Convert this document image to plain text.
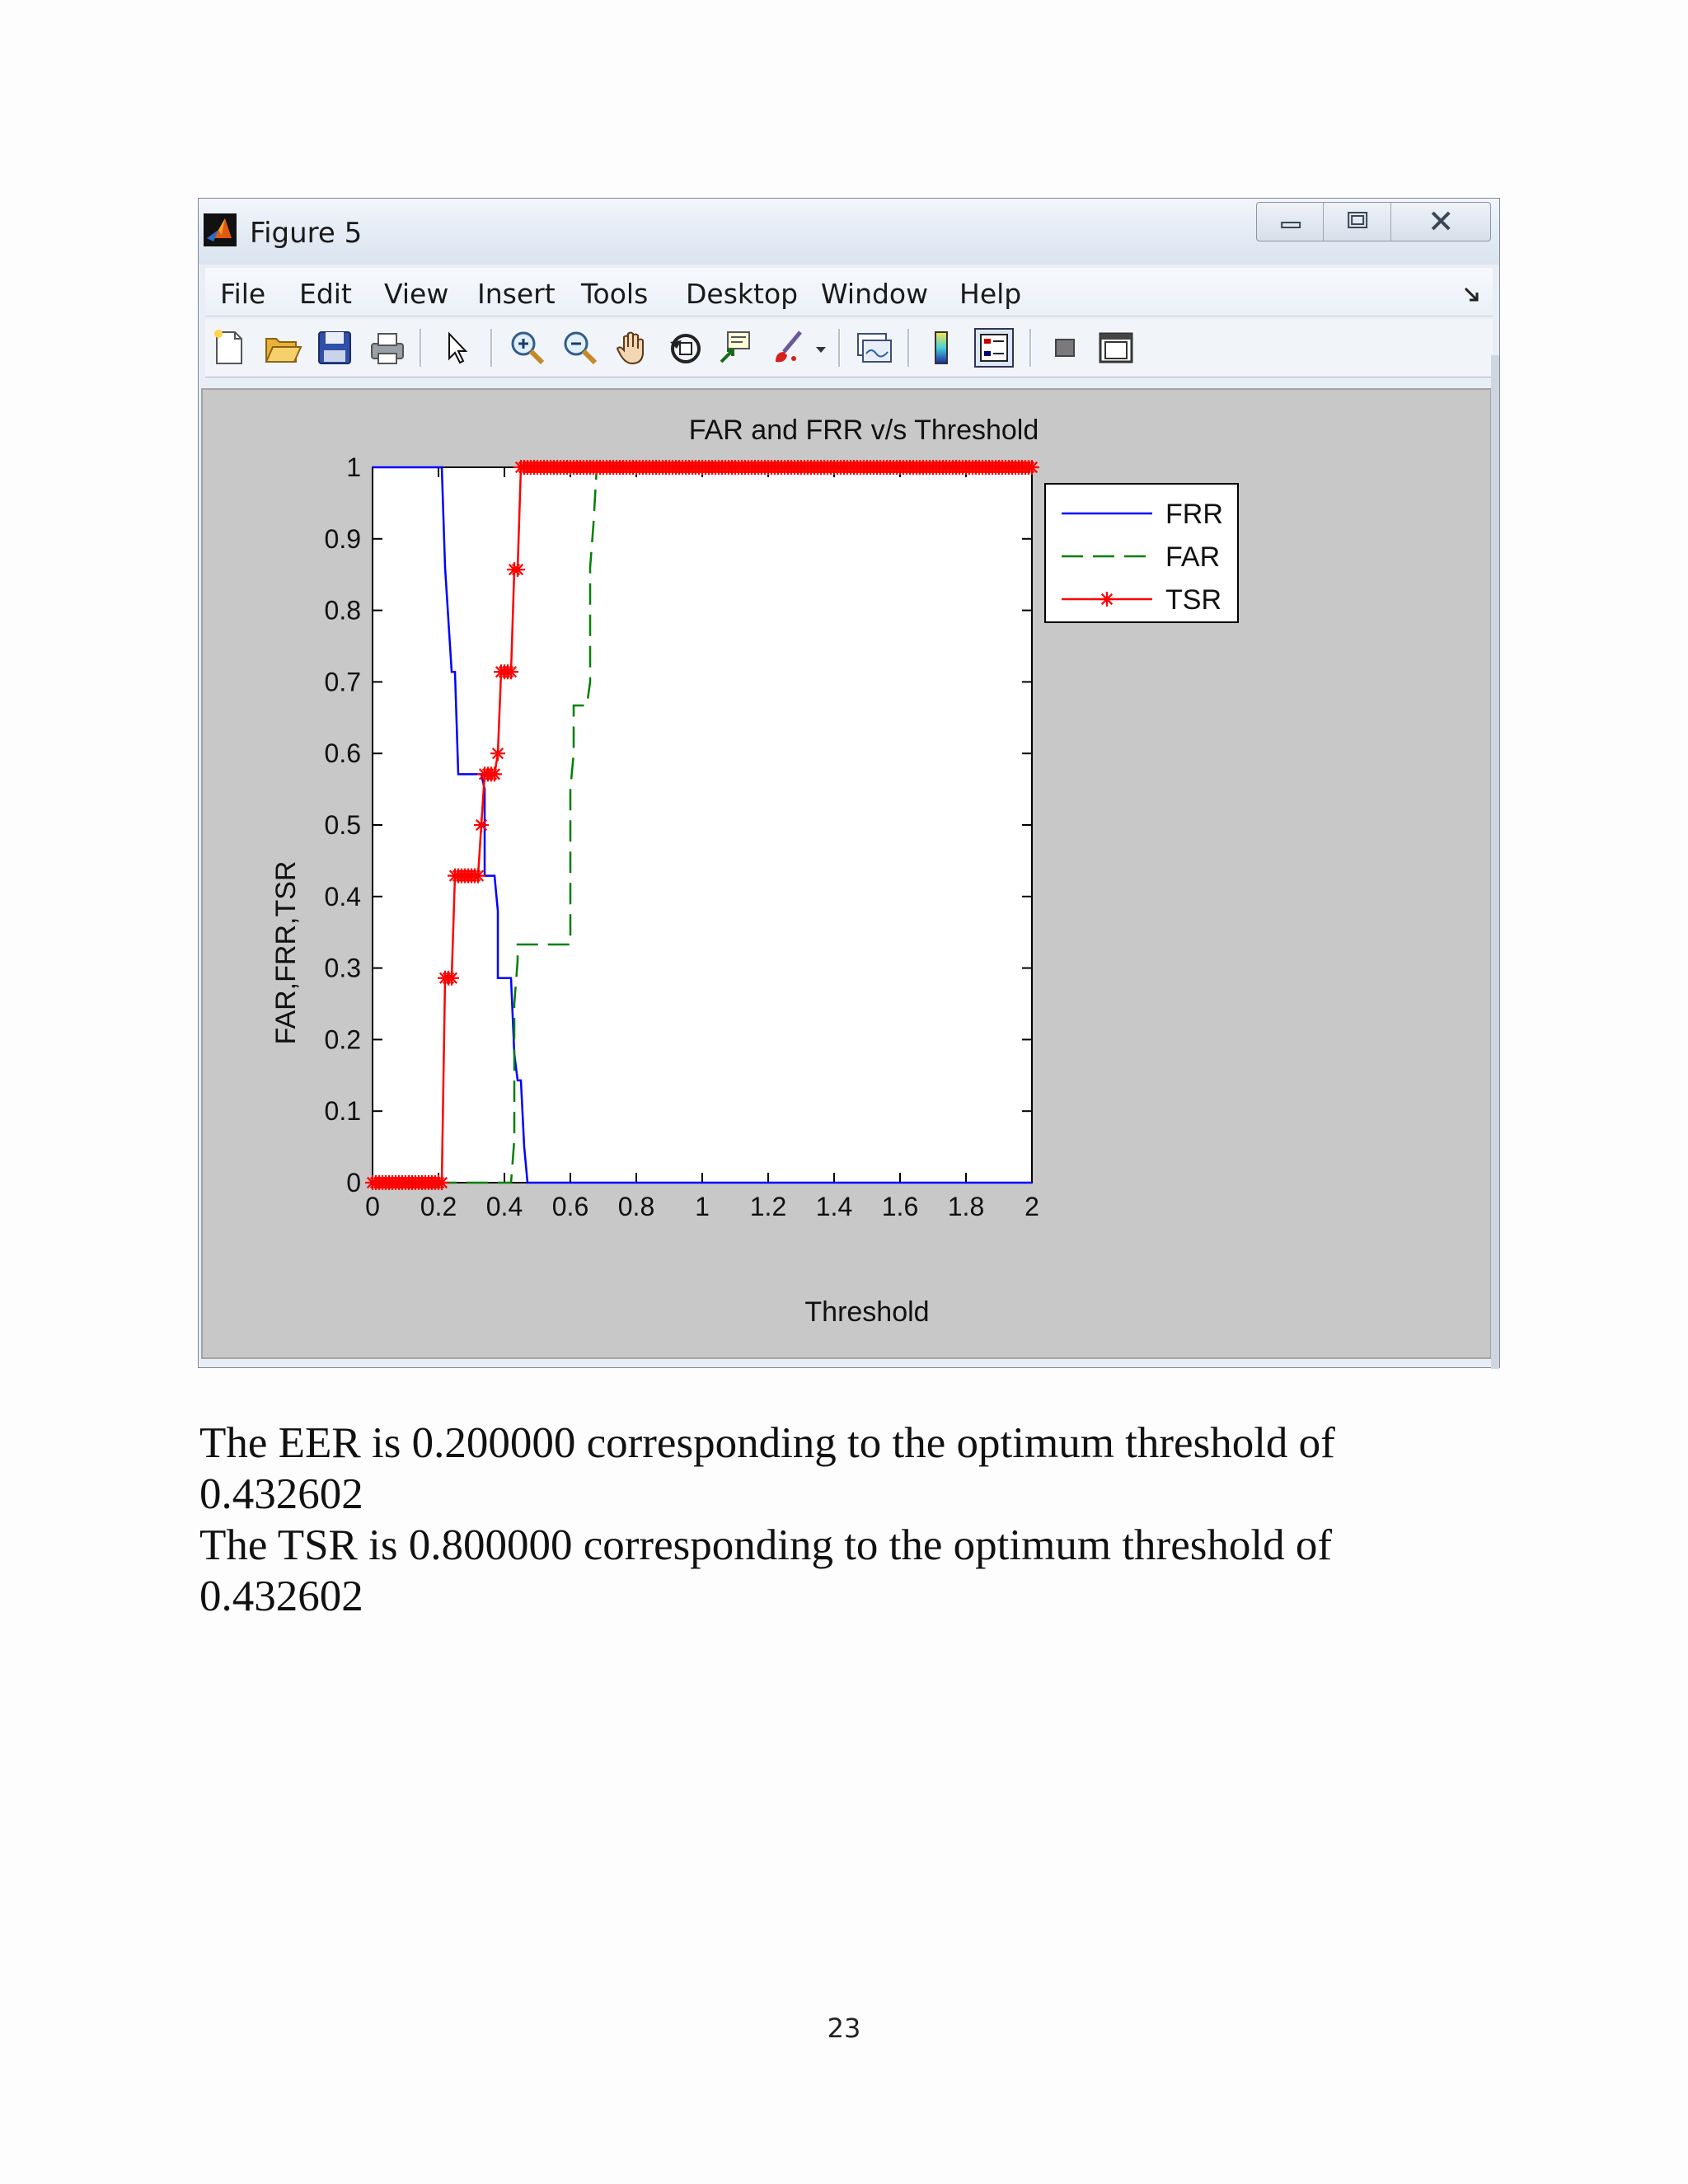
Figure 5
File Edit View Insert Tools Desktop Window Help
FAR and FRR v/s Threshold
Threshold
FAR,FRR,TSR
0 0.2 0.4 0.6 0.8 1 1.2 1.4 1.6 1.8 2
0
0.1
0.2
0.3
0.4
0.5
0.6
0.7
0.8
0.9
1
FRR
FAR
TSR
The EER is 0.200000 corresponding to the optimum threshold of
0.432602
The TSR is 0.800000 corresponding to the optimum threshold of
0.432602
23
